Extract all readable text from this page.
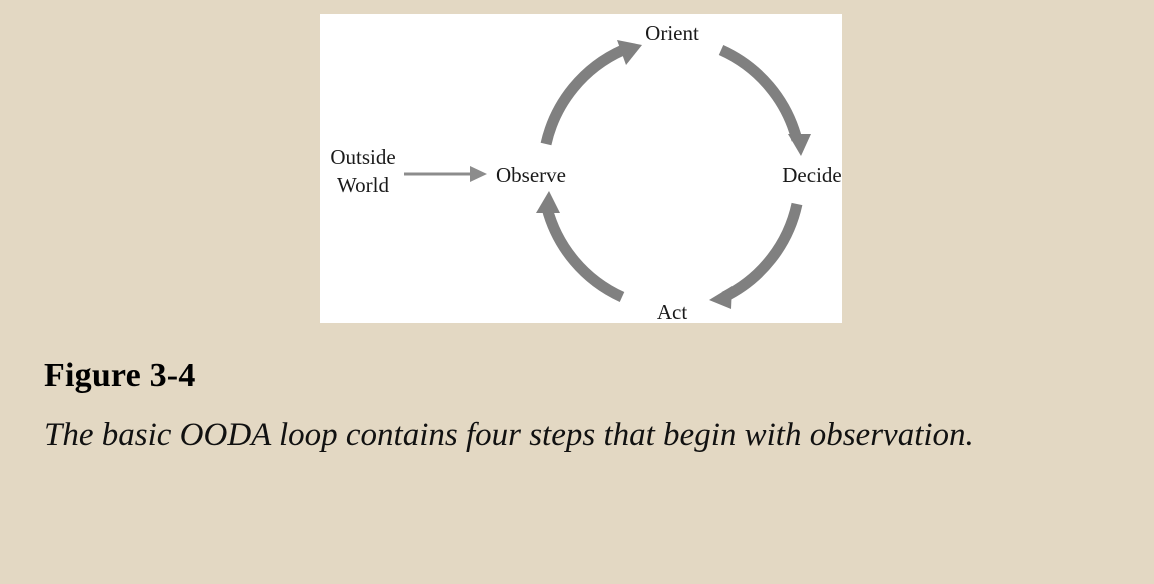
Outside
World	Observe
Orient
Decide
Act

Figure 3-4

The basic OODA loop contains four steps that begin with observation.
